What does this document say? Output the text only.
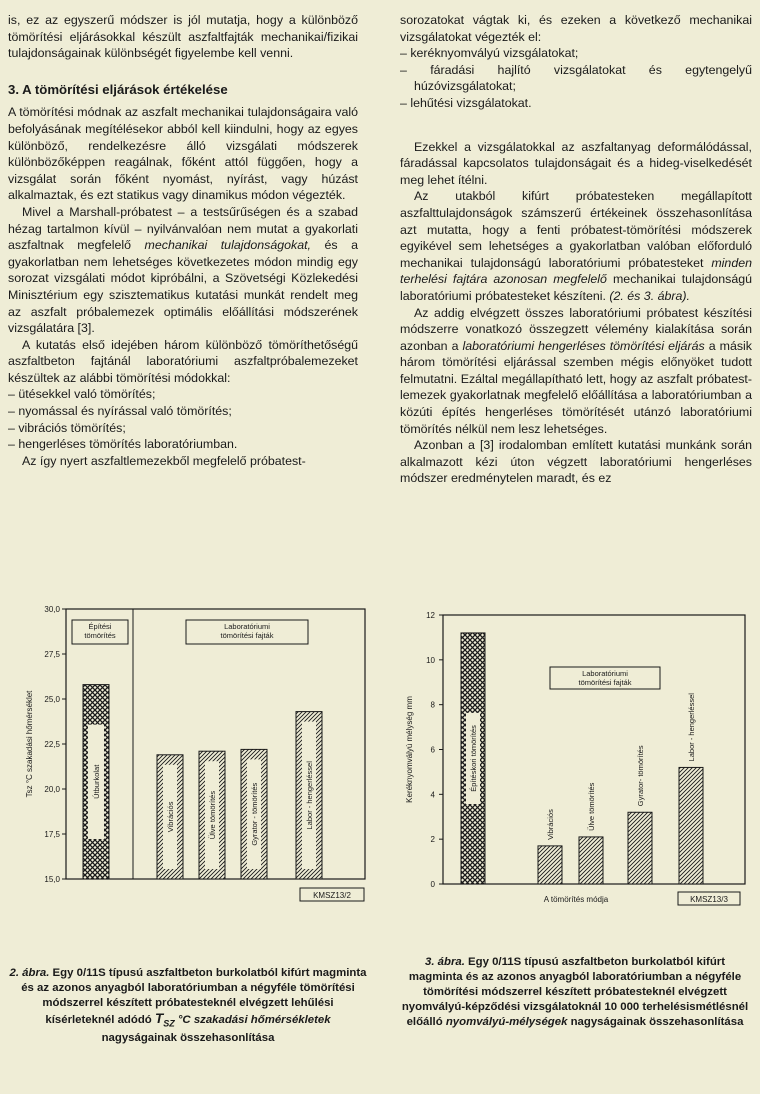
is, ez az egyszerű módszer is jól mutatja, hogy a különböző tömörítési eljárásokkal készült aszfaltfajták mechanikai/fizikai tulajdonságainak különbségét figyelembe kell venni.

3. A tömörítési eljárások értékelése

A tömörítési módnak az aszfalt mechanikai tulajdonságaira való befolyásának megítélésekor abból kell kiindulni, hogy az egyes különböző, rendelkezésre álló vizsgálati módszerek különbözőképpen reagálnak, főként attól függően, hogy a vizsgálat során főként nyomást, nyírást, vagy húzást alkalmaztak, és ezt statikus vagy dinamikus módon végezték.

Mivel a Marshall-próbatest – a testsűrűségen és a szabad hézag tartalmon kívül – nyilvánvalóan nem mutat a gyakorlati aszfaltnak megfelelő mechanikai tulajdonságokat, és a gyakorlatban nem lehetséges következetes módon mindig egy sorozat vizsgálati módot kipróbálni, a Szövetségi Közlekedési Minisztérium egy szisztematikus kutatási munkát rendelt meg az aszfalt próbalemezek optimális előállítási módszerének vizsgálatára [3].

A kutatás első idejében három különböző tömöríthetőségű aszfaltbeton fajtánál laboratóriumi aszfaltpróbalemezeket készültek az alábbi tömörítési módokkal:

– ütésekkel való tömörítés;
– nyomással és nyírással való tömörítés;
– vibrációs tömörítés;
– hengerléses tömörítés laboratóriumban.

Az így nyert aszfaltlemezekből megfelelő próbatest-

sorozatokat vágtak ki, és ezeken a következő mechanikai vizsgálatokat végezték el:

– keréknyomvályú vizsgálatokat;
– fáradási hajlító vizsgálatokat és egytengelyű húzóvizsgálatokat;
– lehűtési vizsgálatokat.

Ezekkel a vizsgálatokkal az aszfaltanyag deformálódással, fáradással kapcsolatos tulajdonságait és a hideg-viselkedését meg lehet ítélni.

Az utakból kifúrt próbatesteken megállapított aszfalttulajdonságok számszerű értékeinek összehasonlítása azt mutatta, hogy a fenti próbatest-tömörítési módszerek egyikével sem lehetséges a gyakorlatban valóban előforduló mechanikai tulajdonságú laboratóriumi próbatesteket minden terhelési fajtára azonosan megfelelő mechanikai tulajdonságú laboratóriumi próbatesteket készíteni. (2. és 3. ábra).

Az addig elvégzett összes laboratóriumi próbatest készítési módszerre vonatkozó összegzett vélemény kialakítása során azonban a laboratóriumi hengerléses tömörítési eljárás a másik három tömörítési eljárással szemben mégis előnyöket tudott felmutatni. Ezáltal megállapítható lett, hogy az aszfalt próbatest-lemezek gyakorlatnak megfelelő előállítása a laboratóriumban a közúti építés hengerléses tömörítését utánzó laboratóriumi tömörítés nélkül nem lesz lehetséges.

Azonban a [3] irodalomban említett kutatási munkánk során alkalmazott kézi úton végzett laboratóriumi hengerléses módszer eredménytelen maradt, és ez

15,0
17,5
20,0
22,5
25,0
27,5
30,0
Tsz °C szakadási hőmérséklet
Építési tömörítés
Laboratóriumi tömörítési fajták
Útburkolat
Vibrációs	Ülve tömörítés	Gyrator - tömörítés	Labor - hengerléssel
KMSZ13/2
0
2
4
6
8
10
12
Keréknyomvályú mélység mm
Laboratóriumi tömörítési fajták
Építéskori tömörítés
Vibrációs	Ülve tömörítés
Gyrator- tömörítés
Labor - hengerléssel
A tömörítés módja	KMSZ13/3
2. ábra. Egy 0/11S típusú aszfaltbeton burkolatból kifúrt magminta és az azonos anyagból laboratóriumban a négyféle tömörítési módszerrel készített próbatesteknél elvégzett lehűlési kísérleteknél adódó $T_{SZ}$ °C szakadási hőmérsékletek nagyságainak összehasonlítása
3. ábra. Egy 0/11S típusú aszfaltbeton burkolatból kifúrt magminta és az azonos anyagból laboratóriumban a négyféle tömörítési módszerrel készített próbatesteknél elvégzett nyomvályú-képződési vizsgálatoknál 10 000 terhelésismétlésnél előálló nyomvályú-mélységek nagyságainak összehasonlítása
